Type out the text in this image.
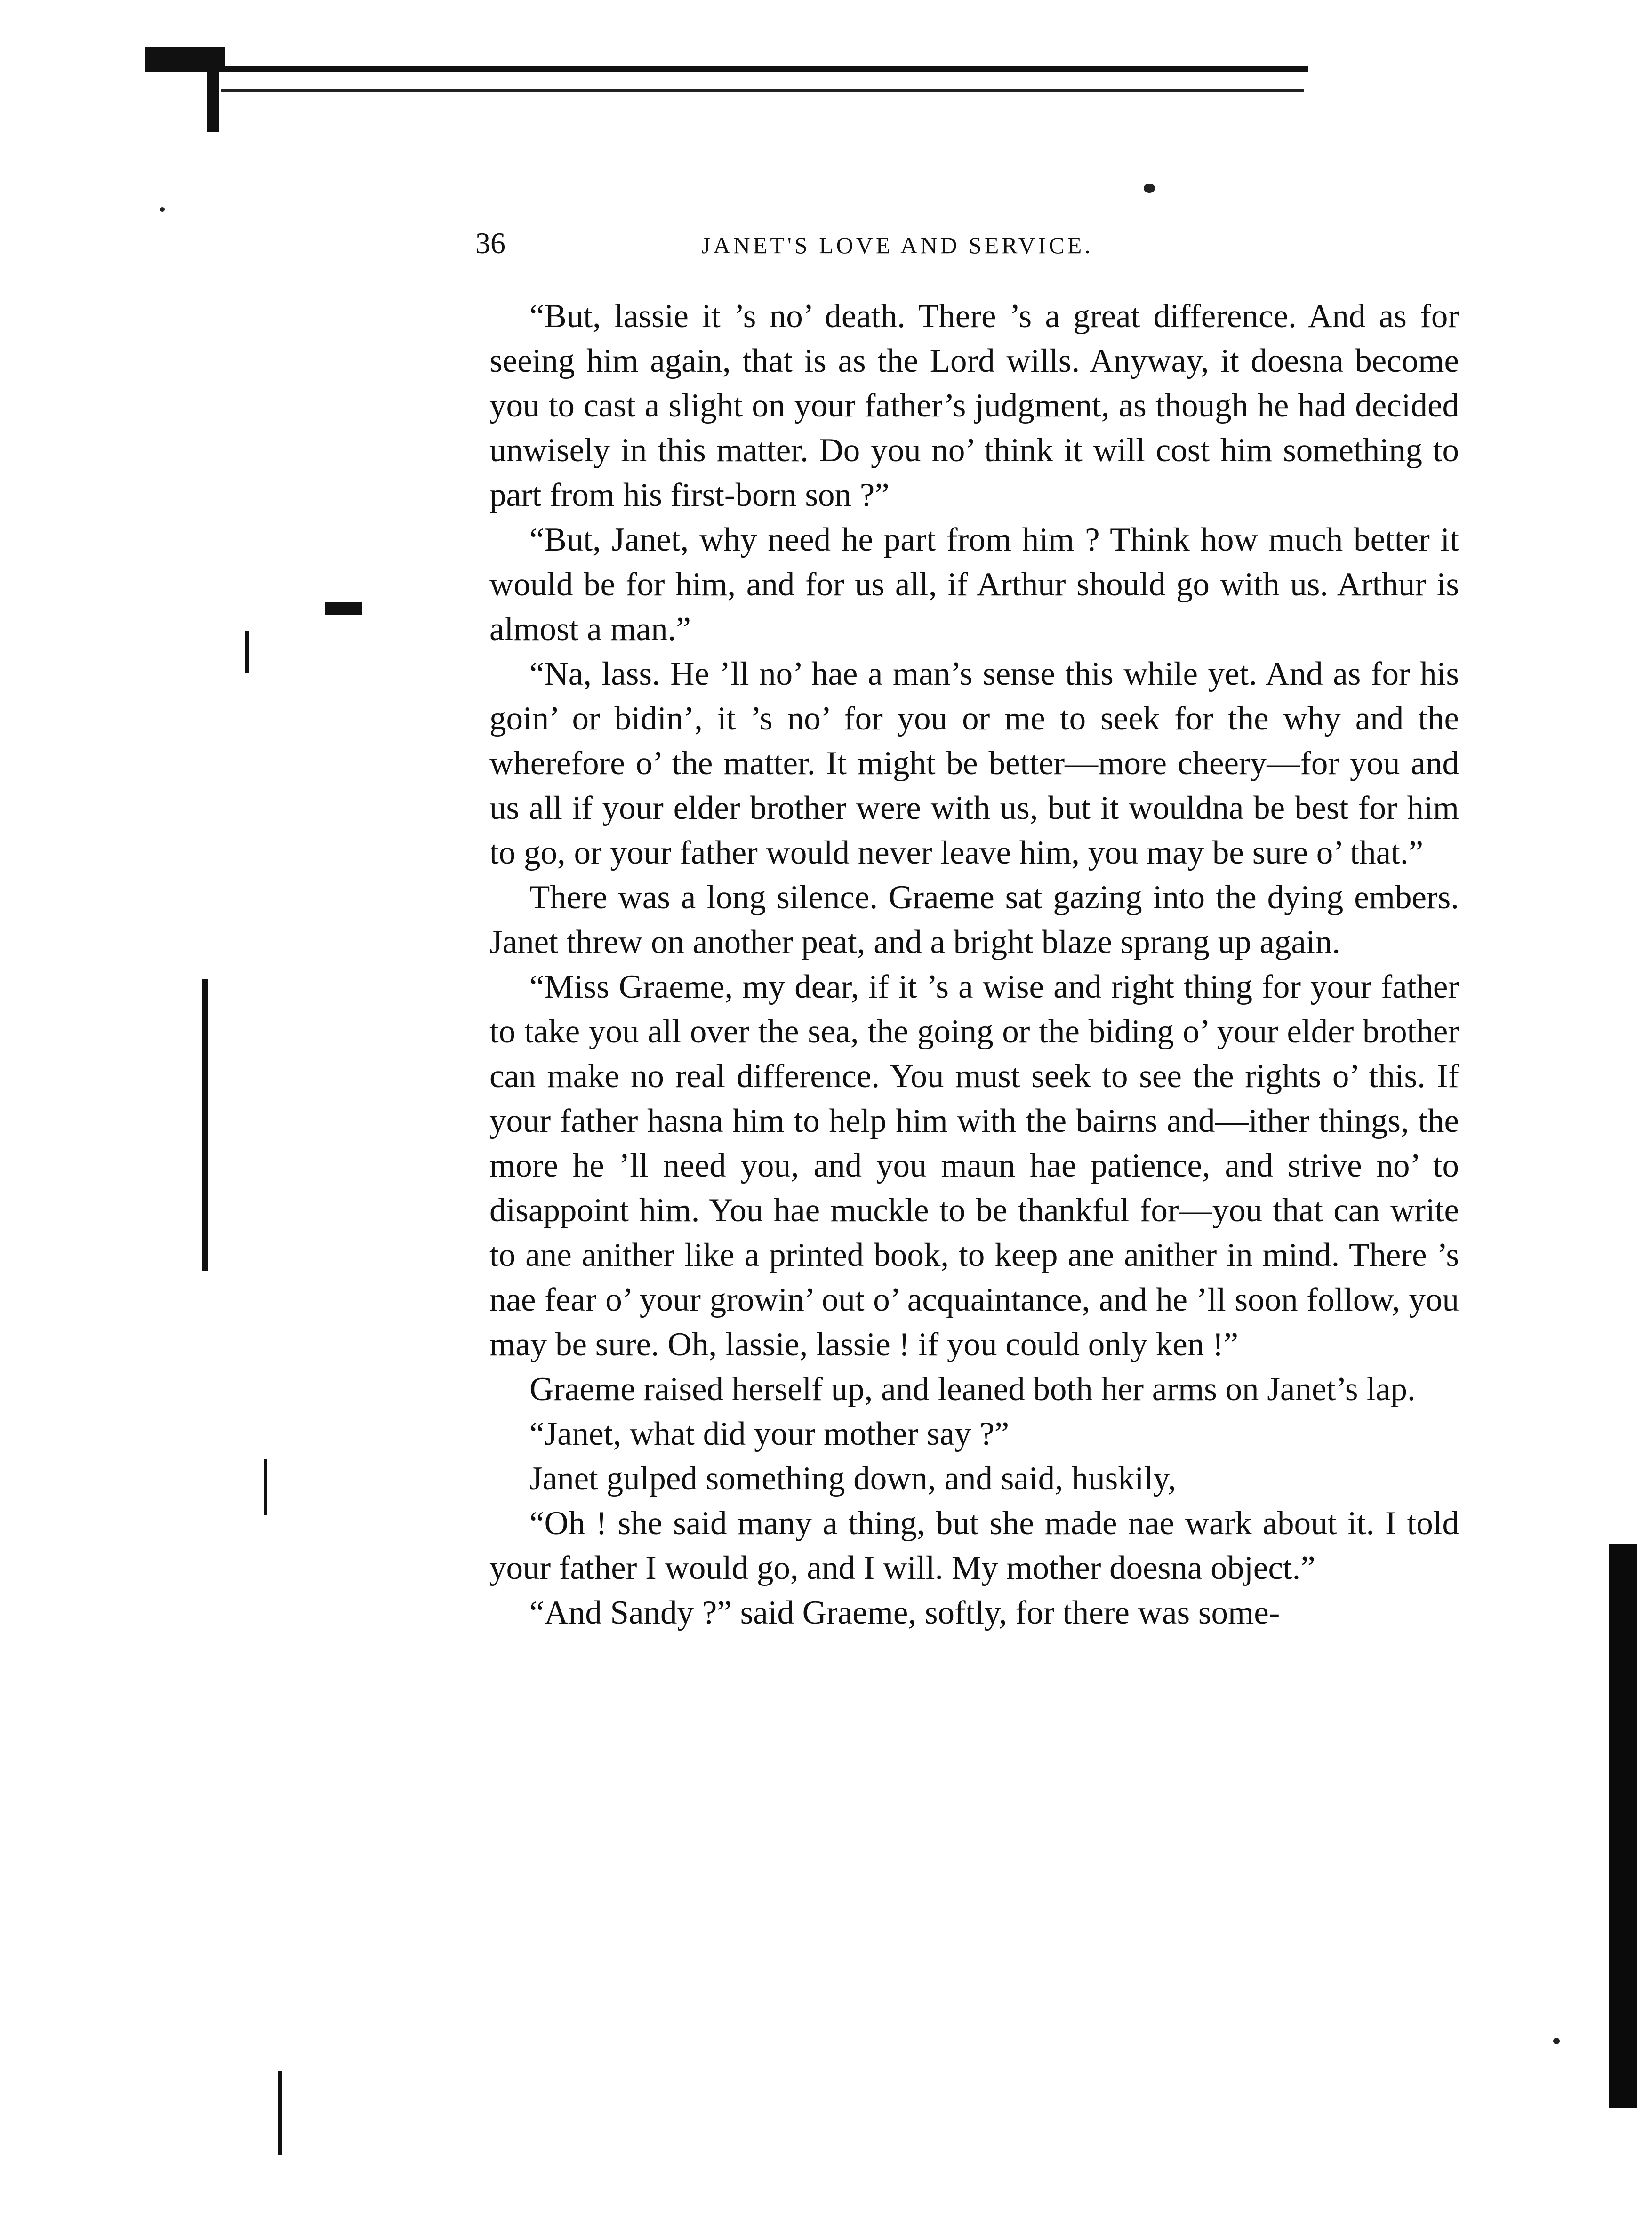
36	JANET'S LOVE AND SERVICE.

“But, lassie it ’s no’ death. There ’s a great difference. And as for seeing him again, that is as the Lord wills. Anyway, it doesna become you to cast a slight on your father’s judgment, as though he had decided unwisely in this matter. Do you no’ think it will cost him something to part from his first-born son ?”

“But, Janet, why need he part from him ? Think how much better it would be for him, and for us all, if Arthur should go with us. Arthur is almost a man.”

“Na, lass. He ’ll no’ hae a man’s sense this while yet. And as for his goin’ or bidin’, it ’s no’ for you or me to seek for the why and the wherefore o’ the matter. It might be better—more cheery—for you and us all if your elder brother were with us, but it wouldna be best for him to go, or your father would never leave him, you may be sure o’ that.”

There was a long silence. Graeme sat gazing into the dying embers. Janet threw on another peat, and a bright blaze sprang up again.

“Miss Graeme, my dear, if it ’s a wise and right thing for your father to take you all over the sea, the going or the biding o’ your elder brother can make no real difference. You must seek to see the rights o’ this. If your father hasna him to help him with the bairns and—ither things, the more he ’ll need you, and you maun hae patience, and strive no’ to disappoint him. You hae muckle to be thankful for—you that can write to ane anither like a printed book, to keep ane anither in mind. There ’s nae fear o’ your growin’ out o’ acquaintance, and he ’ll soon follow, you may be sure. Oh, lassie, lassie ! if you could only ken !”

Graeme raised herself up, and leaned both her arms on Janet’s lap.

“Janet, what did your mother say ?”

Janet gulped something down, and said, huskily,

“Oh ! she said many a thing, but she made nae wark about it. I told your father I would go, and I will. My mother doesna object.”

“And Sandy ?” said Graeme, softly, for there was some-
